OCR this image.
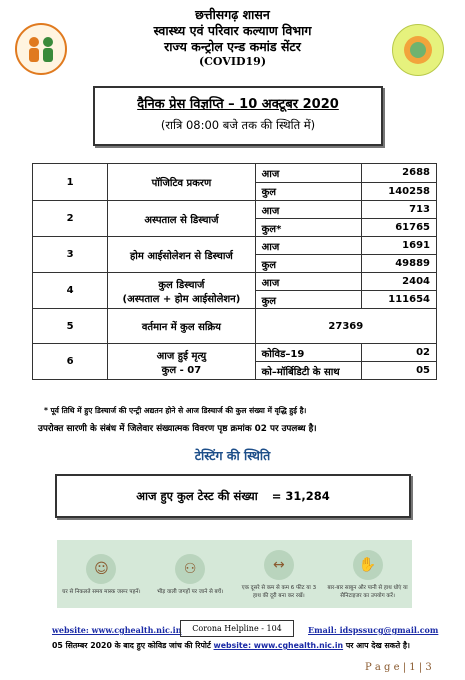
छत्तीसगढ़ शासन
स्वास्थ्य एवं परिवार कल्याण विभाग
राज्य कन्ट्रोल एन्ड कमांड सेंटर
(COVID19)
दैनिक प्रेस विज्ञप्ति – 10 अक्टूबर 2020
(रात्रि 08:00 बजे तक की स्थिति में)
1	पॉजिटिव प्रकरण	आज	2688
		कुल	140258
2	अस्पताल से डिस्चार्ज	आज	713
		कुल*	61765
3	होम आईसोलेशन से डिस्चार्ज	आज	1691
		कुल	49889
4	कुल डिस्चार्ज
(अस्पताल + होम आईसोलेशन)	आज	2404
		कुल	111654
5	वर्तमान में कुल सक्रिय	27369	
6	आज हुई मृत्यु
कुल - 07	कोविड–19	02
		को–मॉर्बिडिटी के साथ	05
* पूर्व तिथि में हुए डिस्चार्ज की एन्ट्री अद्यतन होने से आज डिस्चार्ज की कुल संख्या में वृद्धि हुई है।
उपरोक्त सारणी के संबंध में जिलेवार संख्यात्मक विवरण पृष्ठ क्रमांक 02 पर उपलब्ध है।
टेस्टिंग की स्थिति
आज हुए कुल टेस्ट की संख्या = 31,284
☺
घर से निकलते समय मास्क जरूर पहनें।
⚇
भीड़ वाली जगहों पर जाने से बचें।
↔
एक दूसरे से कम से कम 6 फीट या 3 हाथ की दूरी बना कर रखें।
✋
बार-बार साबुन और पानी से हाथ धोएं या सैनिटाइजर का उपयोग करें।
website: www.cghealth.nic.in	Corona Helpline - 104	Email: idspssucg@gmail.com
05 सितम्बर 2020 के बाद हुए कोविड जांच की रिपोर्ट website: www.cghealth.nic.in पर आप देख सकते है।
P a g e | 1 | 3
